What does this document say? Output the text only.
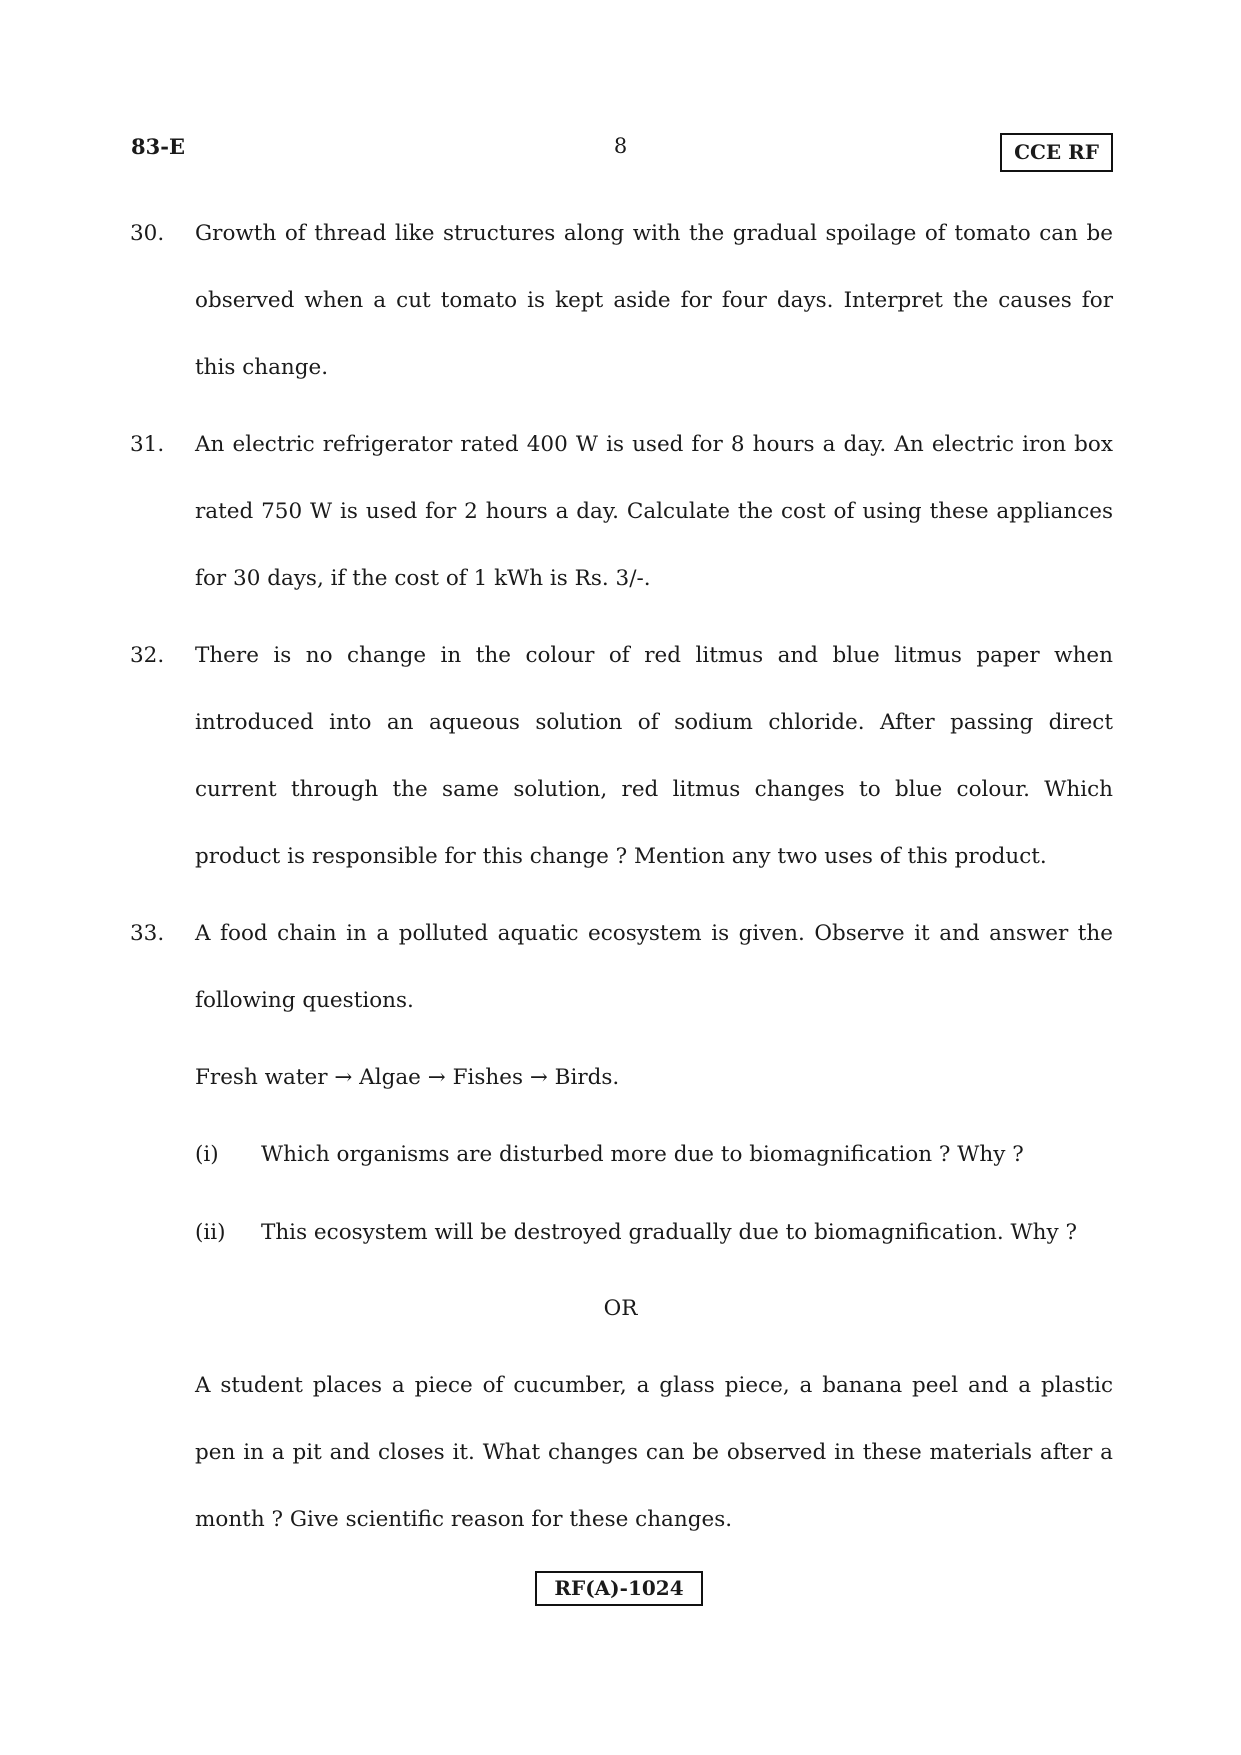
83-E	8	CCE RF
30. Growth of thread like structures along with the gradual spoilage of tomato can be observed when a cut tomato is kept aside for four days. Interpret the causes for this change.
31. An electric refrigerator rated 400 W is used for 8 hours a day. An electric iron box rated 750 W is used for 2 hours a day. Calculate the cost of using these appliances for 30 days, if the cost of 1 kWh is Rs. 3/-.
32. There is no change in the colour of red litmus and blue litmus paper when introduced into an aqueous solution of sodium chloride. After passing direct current through the same solution, red litmus changes to blue colour. Which product is responsible for this change ? Mention any two uses of this product.
33. A food chain in a polluted aquatic ecosystem is given. Observe it and answer the following questions.
Fresh water → Algae → Fishes → Birds.
(i) Which organisms are disturbed more due to biomagnification ? Why ?
(ii) This ecosystem will be destroyed gradually due to biomagnification. Why ?
OR
A student places a piece of cucumber, a glass piece, a banana peel and a plastic pen in a pit and closes it. What changes can be observed in these materials after a month ? Give scientific reason for these changes.
RF(A)-1024
